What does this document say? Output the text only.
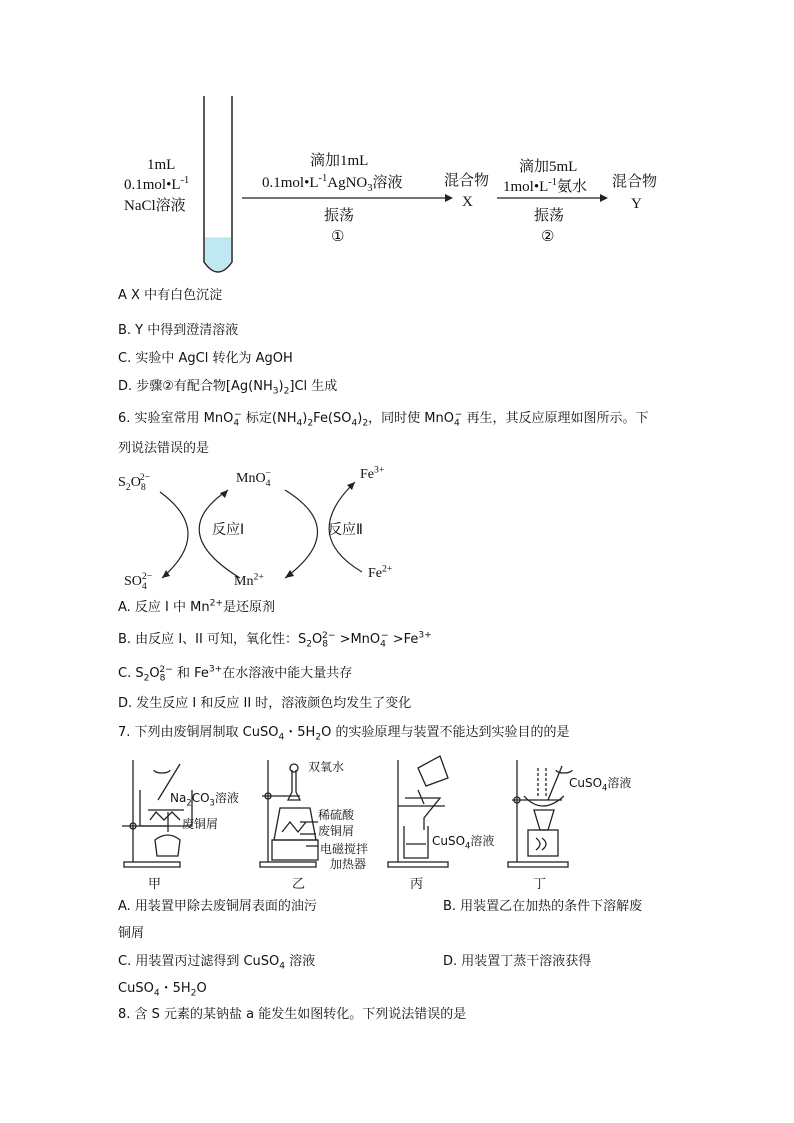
1mL
$0.1mol•L^{-1}$
NaCl溶液
滴加1mL
$0.1mol•L^{-1}AgNO_3$溶液
振荡
①
混合物
X
滴加5mL
$1mol•L^{-1}$氨水
振荡
②
混合物
Y
A X 中有白色沉淀
B. Y 中得到澄清溶液
C. 实验中 AgCl 转化为 AgOH
D. 步骤②有配合物$[Ag(NH_3)_2]Cl$ 生成
6. 实验室常用 MnO$_4$− 标定$(NH_4)_2Fe(SO_4)_2$，同时使 MnO$_4$− 再生，其反应原理如图所示。下
列说法错误的是
$S_2O_8^{2-}$	MnO$_4$−	$Fe^{3+}$
反应Ⅰ	反应Ⅱ
$Fe^{2+}$
$SO_4^{2-}$	$Mn^{2+}$
A. 反应 I 中 $Mn^{2+}$是还原剂
B. 由反应 I、II 可知，氧化性：$S_2O_8^{2-} >MnO_4^- >Fe^{3+}$
C. $S_2O_8^{2-}$ 和 $Fe^{3+}$在水溶液中能大量共存
D. 发生反应 I 和反应 II 时，溶液颜色均发生了变化
7. 下列由废铜屑制取 CuSO$_4$・$5H_2O$ 的实验原理与装置不能达到实验目的的是
$Na_2CO_3$溶液
废铜屑
双氧水
稀硫酸
废铜屑
电磁搅拌
加热器
CuSO$_4$溶液
CuSO$_4$溶液
甲	乙	丙	丁
A. 用装置甲除去废铜屑表面的油污	B. 用装置乙在加热的条件下溶解废
铜屑
C. 用装置丙过滤得到 CuSO$_4$ 溶液	D. 用装置丁蒸干溶液获得
CuSO$_4$・$5H_2O$
8. 含 S 元素的某钠盐 a 能发生如图转化。下列说法错误的是
